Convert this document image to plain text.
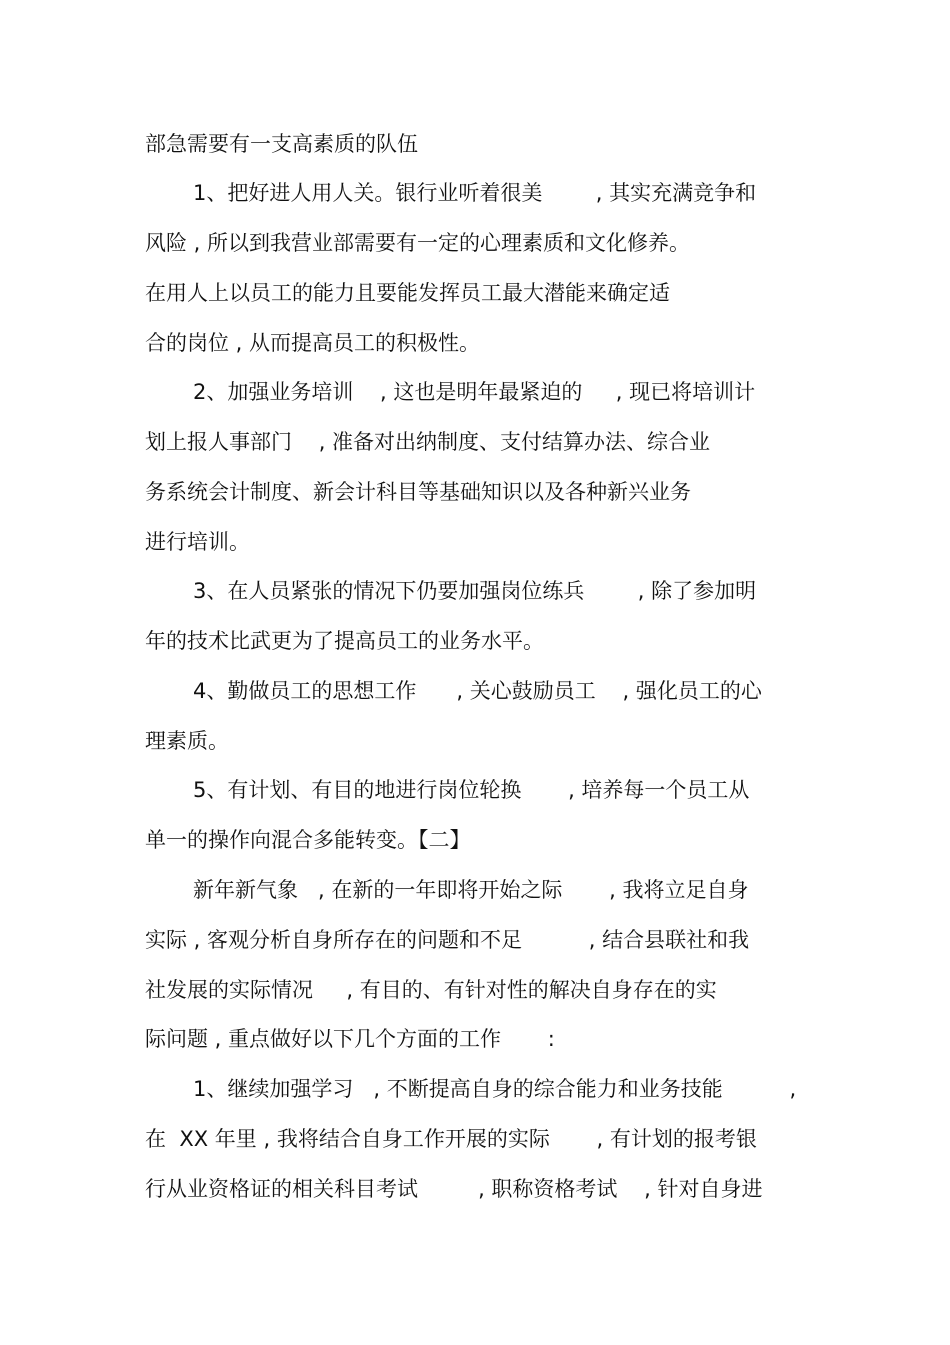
部急需要有一支高素质的队伍
1、把好进人用人关。银行业听着很美        , 其实充满竞争和
风险 , 所以到我营业部需要有一定的心理素质和文化修养。
在用人上以员工的能力且要能发挥员工最大潜能来确定适
合的岗位 , 从而提高员工的积极性。
2、加强业务培训    , 这也是明年最紧迫的     , 现已将培训计
划上报人事部门    , 准备对出纳制度、支付结算办法、综合业
务系统会计制度、新会计科目等基础知识以及各种新兴业务
进行培训。
3、在人员紧张的情况下仍要加强岗位练兵        , 除了参加明
年的技术比武更为了提高员工的业务水平。
4、勤做员工的思想工作      , 关心鼓励员工    , 强化员工的心
理素质。
5、有计划、有目的地进行岗位轮换       , 培养每一个员工从
单一的操作向混合多能转变。【二】
新年新气象   , 在新的一年即将开始之际       , 我将立足自身
实际 , 客观分析自身所存在的问题和不足          , 结合县联社和我
社发展的实际情况     , 有目的、有针对性的解决自身存在的实
际问题 , 重点做好以下几个方面的工作       :
1、继续加强学习   , 不断提高自身的综合能力和业务技能          ,
在  XX 年里 , 我将结合自身工作开展的实际       , 有计划的报考银
行从业资格证的相关科目考试         , 职称资格考试    , 针对自身进
